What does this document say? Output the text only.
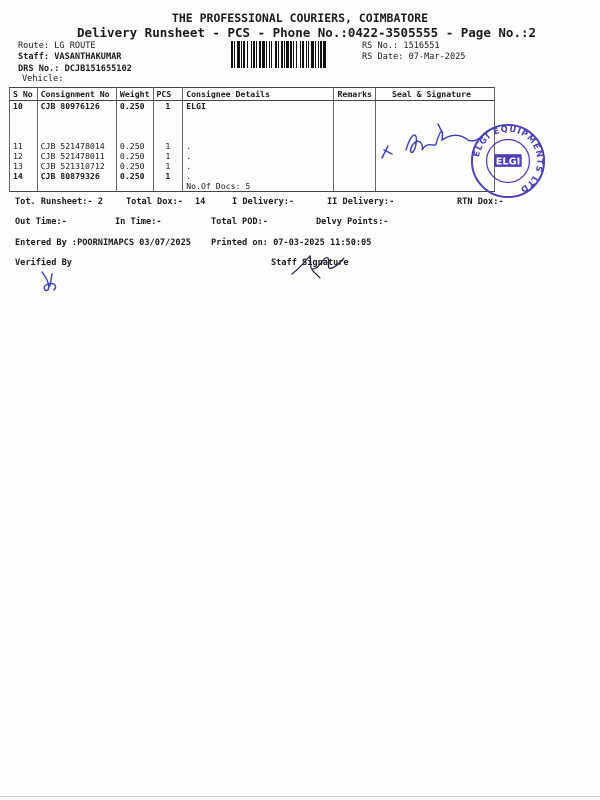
THE PROFESSIONAL COURIERS, COIMBATORE
Delivery Runsheet - PCS - Phone No.:0422-3505555 - Page No.:2
Route: LG ROUTE
Staff: VASANTHAKUMAR
DRS No.: DCJB151655102
Vehicle:
RS No.: 1516551
RS Date: 07-Mar-2025
S No	Consignment No	Weight	PCS	Consignee Details	Remarks	Seal & Signature
10	CJB 80976126	0.250	1	ELGI		

11	CJB 521478014	0.250	1	.		
12	CJB 521478011	0.250	1	.		
13	CJB 521310712	0.250	1	.		
14	CJB 80879326	0.250	1	.		
				No.Of Docs: 5		
ELGI EQUIPMENTS LTD
ELGI
Tot. Runsheet:- 2	Total Dox:- 14	I Delivery:-	II Delivery:-	RTN Dox:-
Out Time:-	In Time:-	Total POD:-	Delvy Points:-
Entered By :POORNIMAPCS 03/07/2025 Printed on: 07-03-2025 11:50:05
Verified By	Staff Signature
